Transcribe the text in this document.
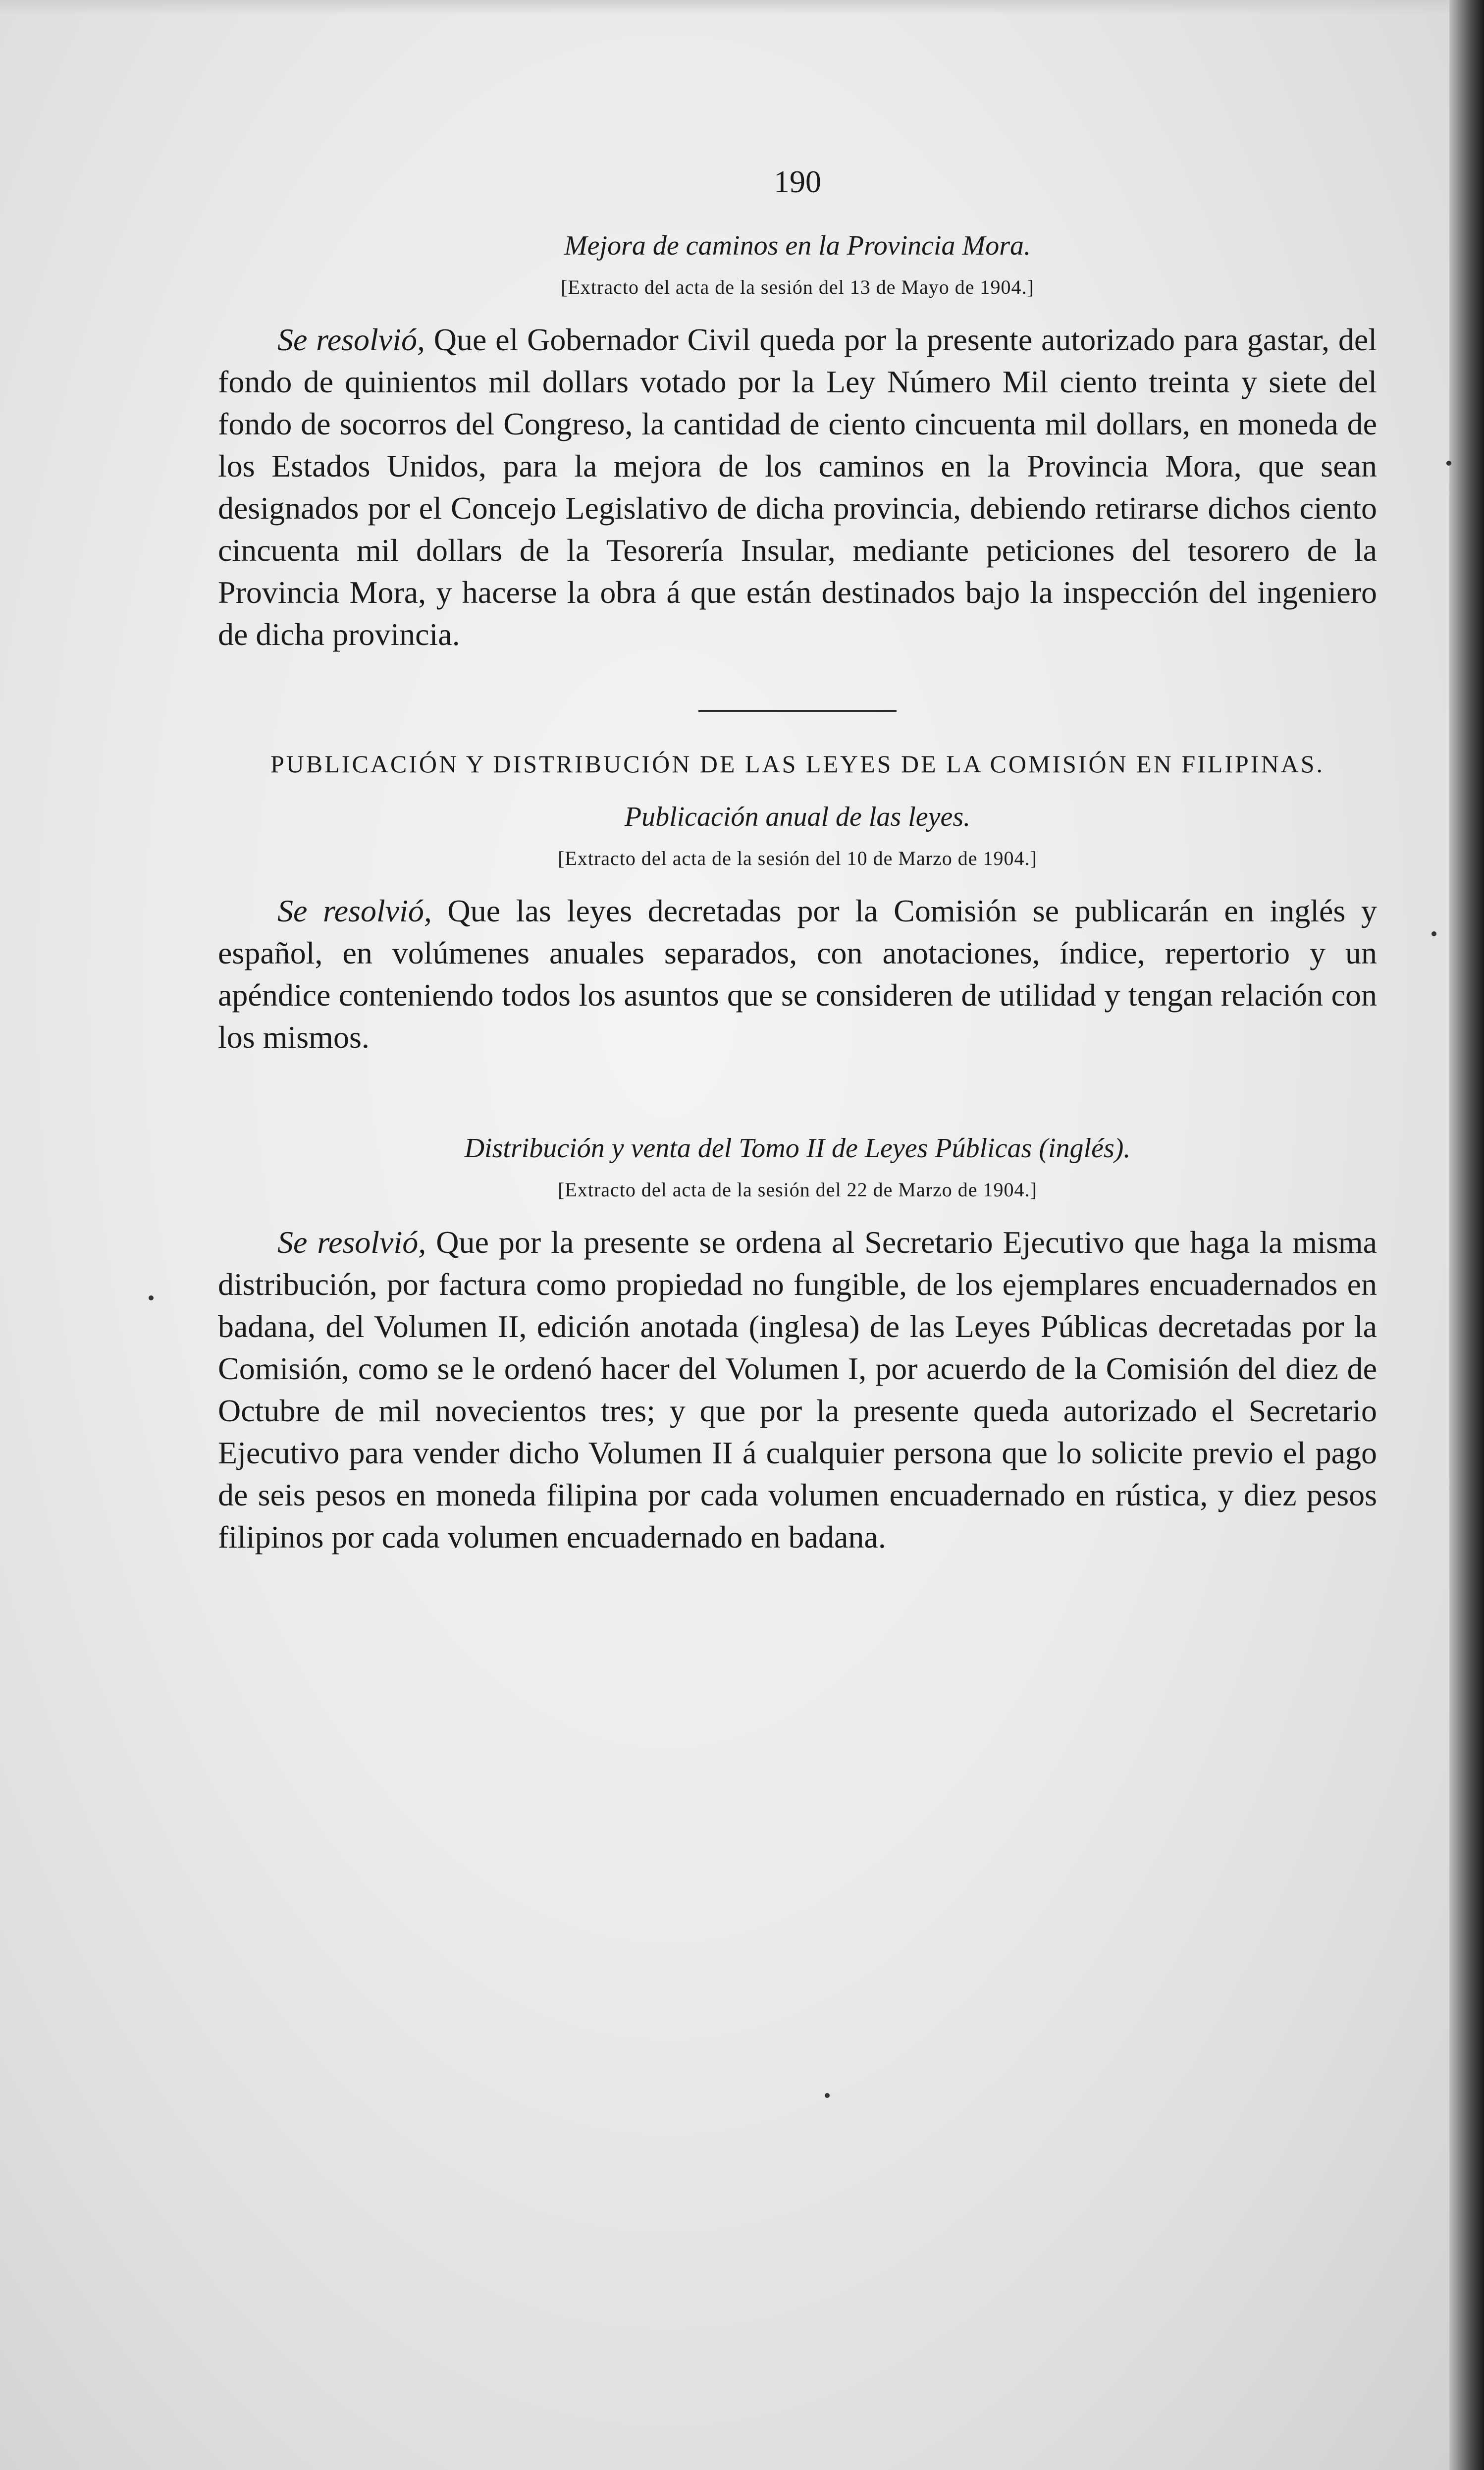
190
Mejora de caminos en la Provincia Mora.
[Extracto del acta de la sesión del 13 de Mayo de 1904.]

Se resolvió, Que el Gobernador Civil queda por la presente autorizado para gastar, del fondo de quinientos mil dollars votado por la Ley Número Mil ciento treinta y siete del fondo de socorros del Congreso, la cantidad de ciento cincuenta mil dollars, en moneda de los Estados Unidos, para la mejora de los caminos en la Provincia Mora, que sean designados por el Concejo Legislativo de dicha provincia, debiendo retirarse dichos ciento cincuenta mil dollars de la Tesorería Insular, mediante peticiones del tesorero de la Provincia Mora, y hacerse la obra á que están destinados bajo la inspección del ingeniero de dicha provincia.

PUBLICACIÓN Y DISTRIBUCIÓN DE LAS LEYES DE LA COMISIÓN EN FILIPINAS.
Publicación anual de las leyes.
[Extracto del acta de la sesión del 10 de Marzo de 1904.]

Se resolvió, Que las leyes decretadas por la Comisión se publicarán en inglés y español, en volúmenes anuales separados, con anotaciones, índice, repertorio y un apéndice conteniendo todos los asuntos que se consideren de utilidad y tengan relación con los mismos.

Distribución y venta del Tomo II de Leyes Públicas (inglés).
[Extracto del acta de la sesión del 22 de Marzo de 1904.]

Se resolvió, Que por la presente se ordena al Secretario Ejecutivo que haga la misma distribución, por factura como propiedad no fungible, de los ejemplares encuadernados en badana, del Volumen II, edición anotada (inglesa) de las Leyes Públicas decretadas por la Comisión, como se le ordenó hacer del Volumen I, por acuerdo de la Comisión del diez de Octubre de mil novecientos tres; y que por la presente queda autorizado el Secretario Ejecutivo para vender dicho Volumen II á cualquier persona que lo solicite previo el pago de seis pesos en moneda filipina por cada volumen encuadernado en rústica, y diez pesos filipinos por cada volumen encuadernado en badana.
